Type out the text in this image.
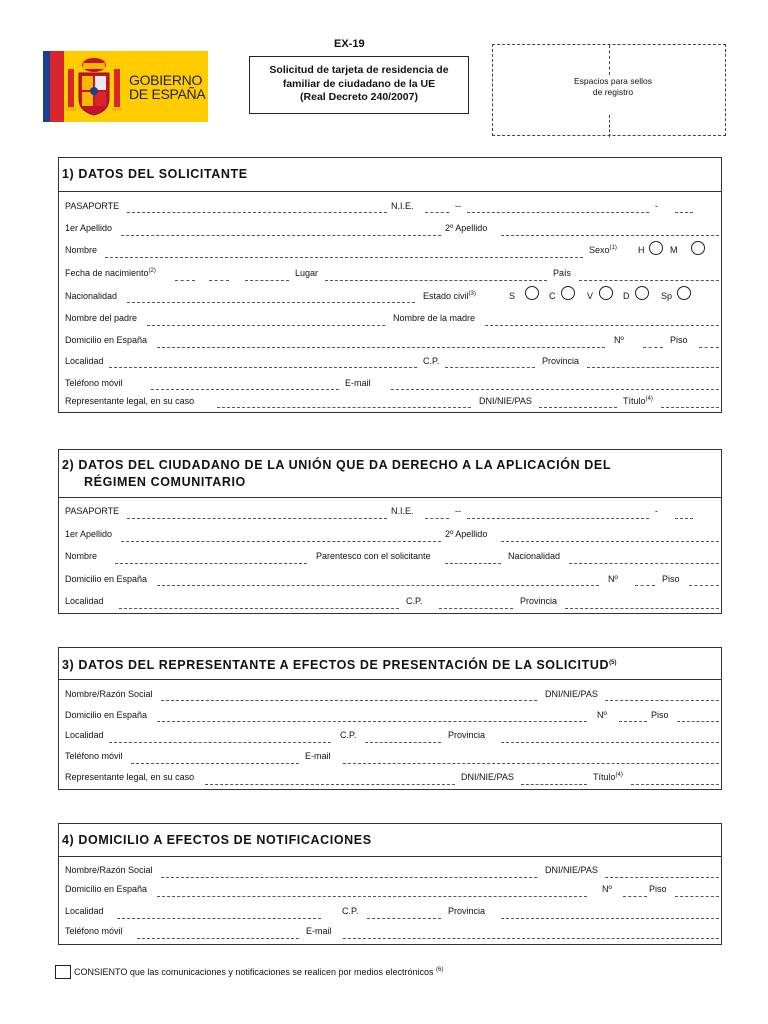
GOBIERNO
DE ESPAÑA
EX-19
Solicitud de tarjeta de residencia de
familiar de ciudadano de la UE
(Real Decreto 240/2007)
Espacios para sellos
de registro
1) DATOS DEL SOLICITANTE
PASAPORTE	N.I.E.	--	-
1er Apellido	2º Apellido
Nombre	Sexo$^{(1)}$ H	M
Fecha de nacimiento$^{(2)}$	Lugar	País
Nacionalidad	Estado civil$^{(3)}$	S	C	V	D	Sp
Nombre del padre	Nombre de la madre
Domicilio en España	Nº	Piso
Localidad	C.P.	Provincia
Teléfono móvil	E-mail
Representante legal, en su caso	DNI/NIE/PAS	Título$^{(4)}$
2) DATOS DEL CIUDADANO DE LA UNIÓN QUE DA DERECHO A LA APLICACIÓN DEL
RÉGIMEN COMUNITARIO
PASAPORTE	N.I.E.	--	-
1er Apellido	2º Apellido
Nombre	Parentesco con el solicitante	Nacionalidad
Domicilio en España	Nº	Piso
Localidad	C.P.	Provincia
3) DATOS DEL REPRESENTANTE A EFECTOS DE PRESENTACIÓN DE LA SOLICITUD$^{(5)}$
Nombre/Razón Social	DNI/NIE/PAS
Domicilio en España	Nº	Piso
Localidad	C.P.	Provincia
Teléfono móvil	E-mail
Representante legal, en su caso	DNI/NIE/PAS	Título$^{(4)}$
4) DOMICILIO A EFECTOS DE NOTIFICACIONES
Nombre/Razón Social	DNI/NIE/PAS
Domicilio en España	Nº	Piso
Localidad	C.P.	Provincia
Teléfono móvil	E-mail
CONSIENTO que las comunicaciones y notificaciones se realicen por medios electrónicos $^{(6)}$
